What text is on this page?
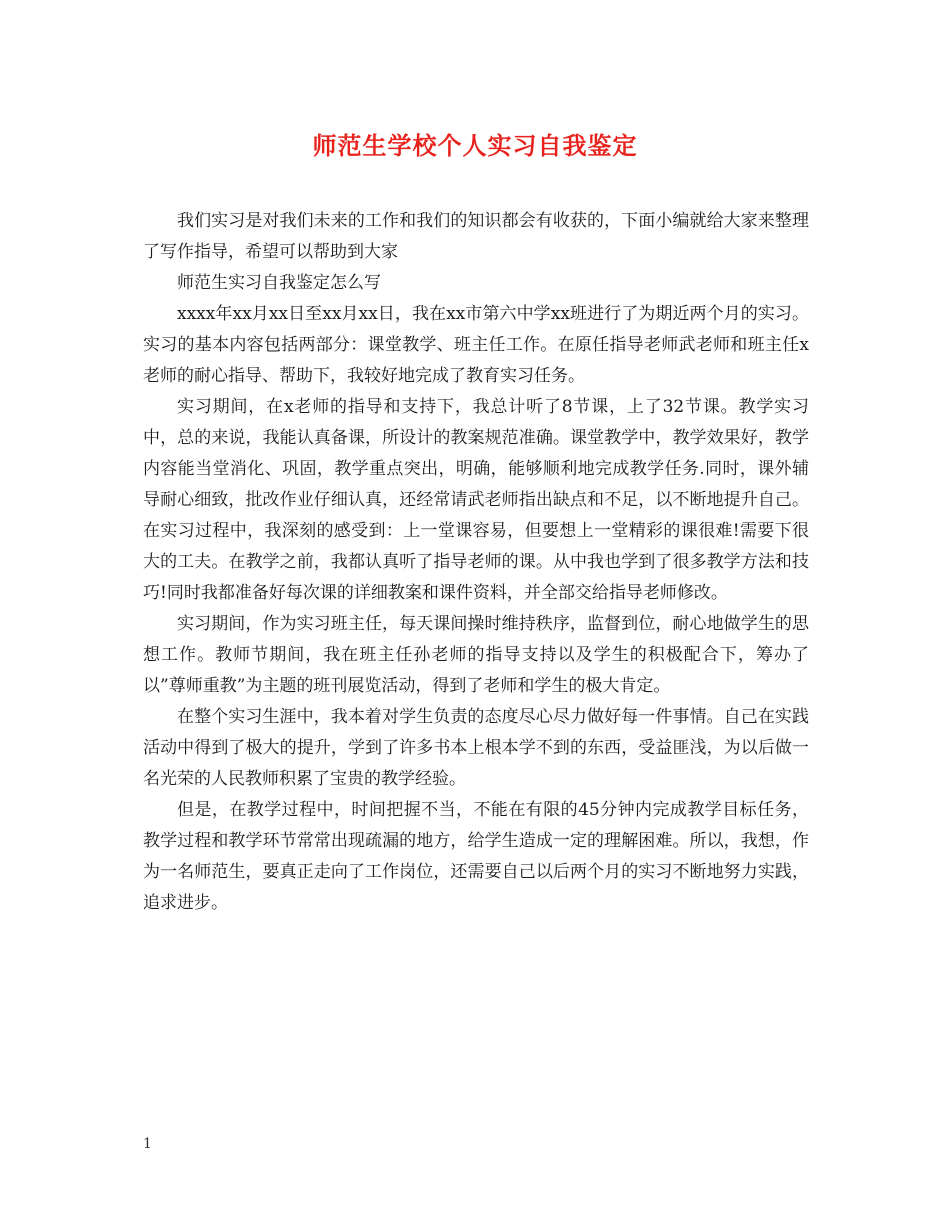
师范生学校个人实习自我鉴定

我们实习是对我们未来的工作和我们的知识都会有收获的，下面小编就给大家来整理了写作指导，希望可以帮助到大家

师范生实习自我鉴定怎么写

xxxx年xx月xx日至xx月xx日，我在xx市第六中学xx班进行了为期近两个月的实习。实习的基本内容包括两部分：课堂教学、班主任工作。在原任指导老师武老师和班主任x老师的耐心指导、帮助下，我较好地完成了教育实习任务。

实习期间，在x老师的指导和支持下，我总计听了8节课，上了32节课。教学实习中，总的来说，我能认真备课，所设计的教案规范准确。课堂教学中，教学效果好，教学内容能当堂消化、巩固，教学重点突出，明确，能够顺利地完成教学任务.同时，课外辅导耐心细致，批改作业仔细认真，还经常请武老师指出缺点和不足，以不断地提升自己。在实习过程中，我深刻的感受到：上一堂课容易，但要想上一堂精彩的课很难!需要下很大的工夫。在教学之前，我都认真听了指导老师的课。从中我也学到了很多教学方法和技巧!同时我都准备好每次课的详细教案和课件资料，并全部交给指导老师修改。

实习期间，作为实习班主任，每天课间操时维持秩序，监督到位，耐心地做学生的思想工作。教师节期间，我在班主任孙老师的指导支持以及学生的积极配合下，筹办了以”尊师重教”为主题的班刊展览活动，得到了老师和学生的极大肯定。

在整个实习生涯中，我本着对学生负责的态度尽心尽力做好每一件事情。自己在实践活动中得到了极大的提升，学到了许多书本上根本学不到的东西，受益匪浅，为以后做一名光荣的人民教师积累了宝贵的教学经验。

但是，在教学过程中，时间把握不当，不能在有限的45分钟内完成教学目标任务，教学过程和教学环节常常出现疏漏的地方，给学生造成一定的理解困难。所以，我想，作为一名师范生，要真正走向了工作岗位，还需要自己以后两个月的实习不断地努力实践，追求进步。

1
